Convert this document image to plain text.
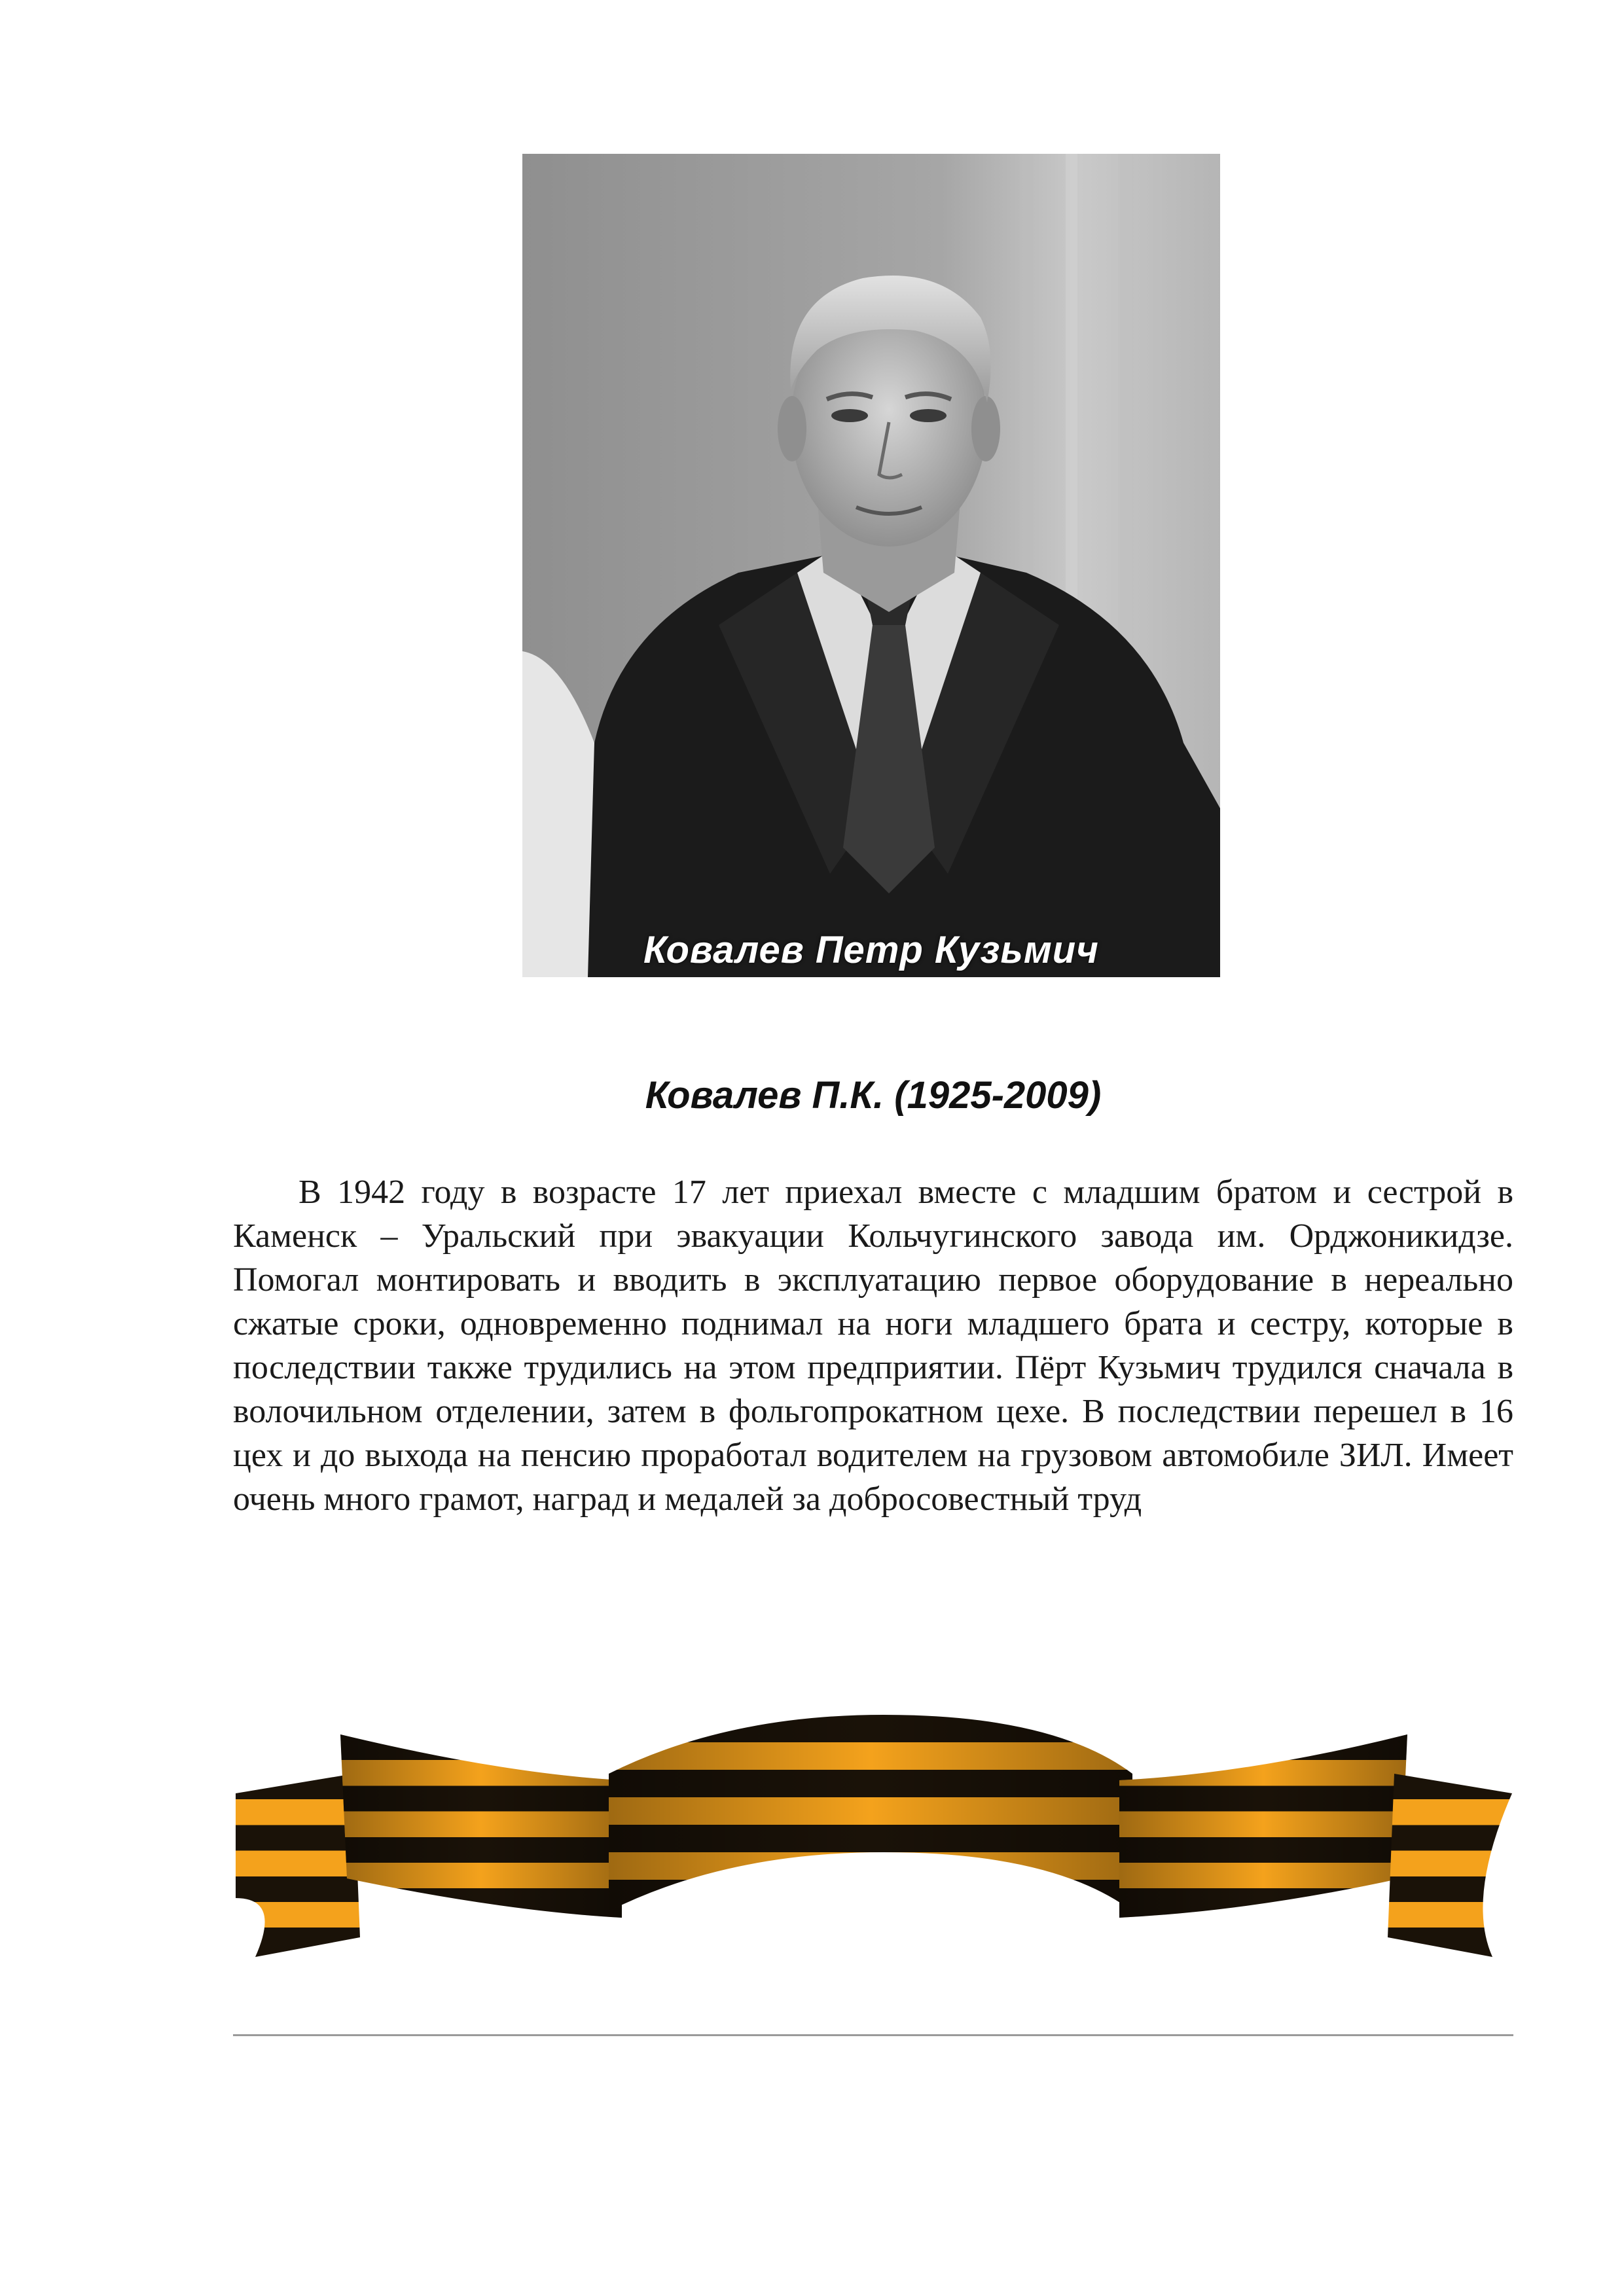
Ковалев Петр Кузьмич
Ковалев П.К. (1925-2009)

В 1942 году в возрасте 17 лет приехал вместе с младшим братом и сестрой в Каменск – Уральский при эвакуации Кольчугинского завода им. Орджоникидзе. Помогал монтировать и вводить в эксплуатацию первое оборудование в нереально сжатые сроки, одновременно поднимал на ноги младшего брата и сестру, которые в последствии также трудились на этом предприятии. Пёрт Кузьмич трудился сначала в волочильном отделении, затем в фольгопрокатном цехе. В последствии перешел в 16 цех и до выхода на пенсию проработал водителем на грузовом автомобиле ЗИЛ. Имеет очень много грамот, наград и медалей за добросовестный труд
